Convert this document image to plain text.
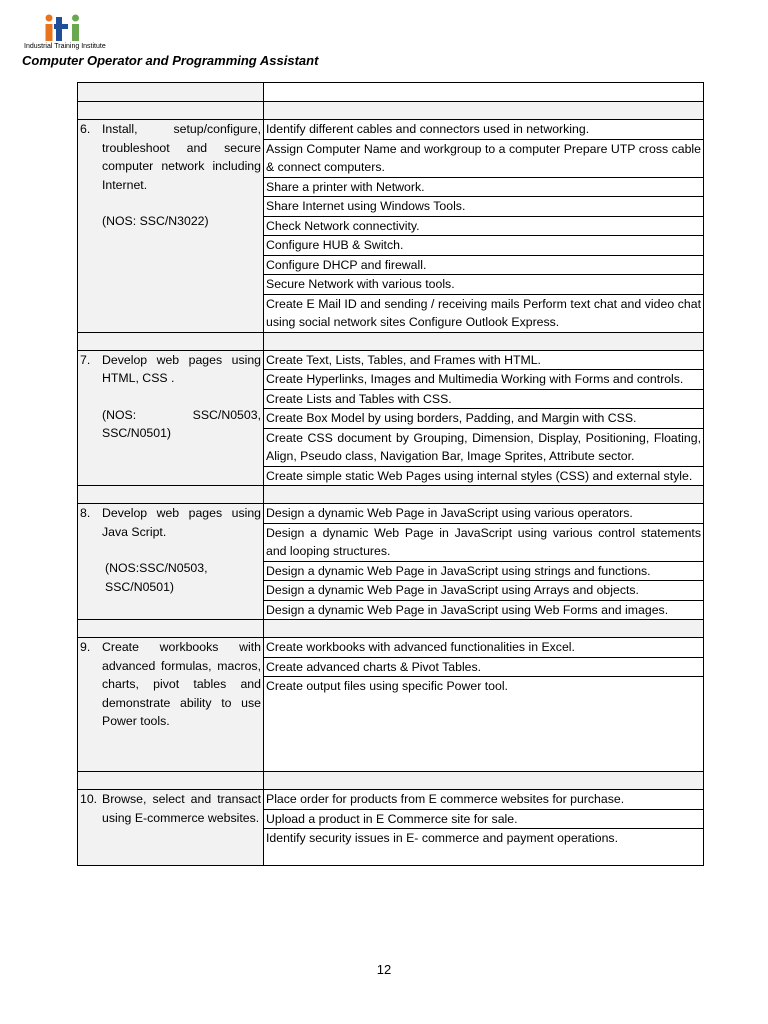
Industrial Training Institute
Computer Operator and Programming Assistant

6. Install, setup/configure, troubleshoot and secure computer network including Internet.
(NOS: SSC/N3022)	Identify different cables and connectors used in networking.
	Assign Computer Name and workgroup to a computer Prepare UTP cross cable & connect computers.
	Share a printer with Network.
	Share Internet using Windows Tools.
	Check Network connectivity.
	Configure HUB & Switch.
	Configure DHCP and firewall.
	Secure Network with various tools.
	Create E Mail ID and sending / receiving mails Perform text chat and video chat using social network sites Configure Outlook Express.

7. Develop web pages using HTML, CSS .
(NOS: SSC/N0503, SSC/N0501)	Create Text, Lists, Tables, and Frames with HTML.
	Create Hyperlinks, Images and Multimedia Working with Forms and controls.
	Create Lists and Tables with CSS.
	Create Box Model by using borders, Padding, and Margin with CSS.
	Create CSS document by Grouping, Dimension, Display, Positioning, Floating, Align, Pseudo class, Navigation Bar, Image Sprites, Attribute sector.
	Create simple static Web Pages using internal styles (CSS) and external style.

8. Develop web pages using Java Script.
(NOS:SSC/N0503, SSC/N0501)	Design a dynamic Web Page in JavaScript using various operators.
	Design a dynamic Web Page in JavaScript using various control statements and looping structures.
	Design a dynamic Web Page in JavaScript using strings and functions.
	Design a dynamic Web Page in JavaScript using Arrays and objects.
	Design a dynamic Web Page in JavaScript using Web Forms and images.

9. Create workbooks with advanced formulas, macros, charts, pivot tables and demonstrate ability to use Power tools.	Create workbooks with advanced functionalities in Excel.
	Create advanced charts & Pivot Tables.
	Create output files using specific Power tool.

10. Browse, select and transact using E-commerce websites.	Place order for products from E commerce websites for purchase.
	Upload a product in E Commerce site for sale.
	Identify security issues in E- commerce and payment operations.
12
